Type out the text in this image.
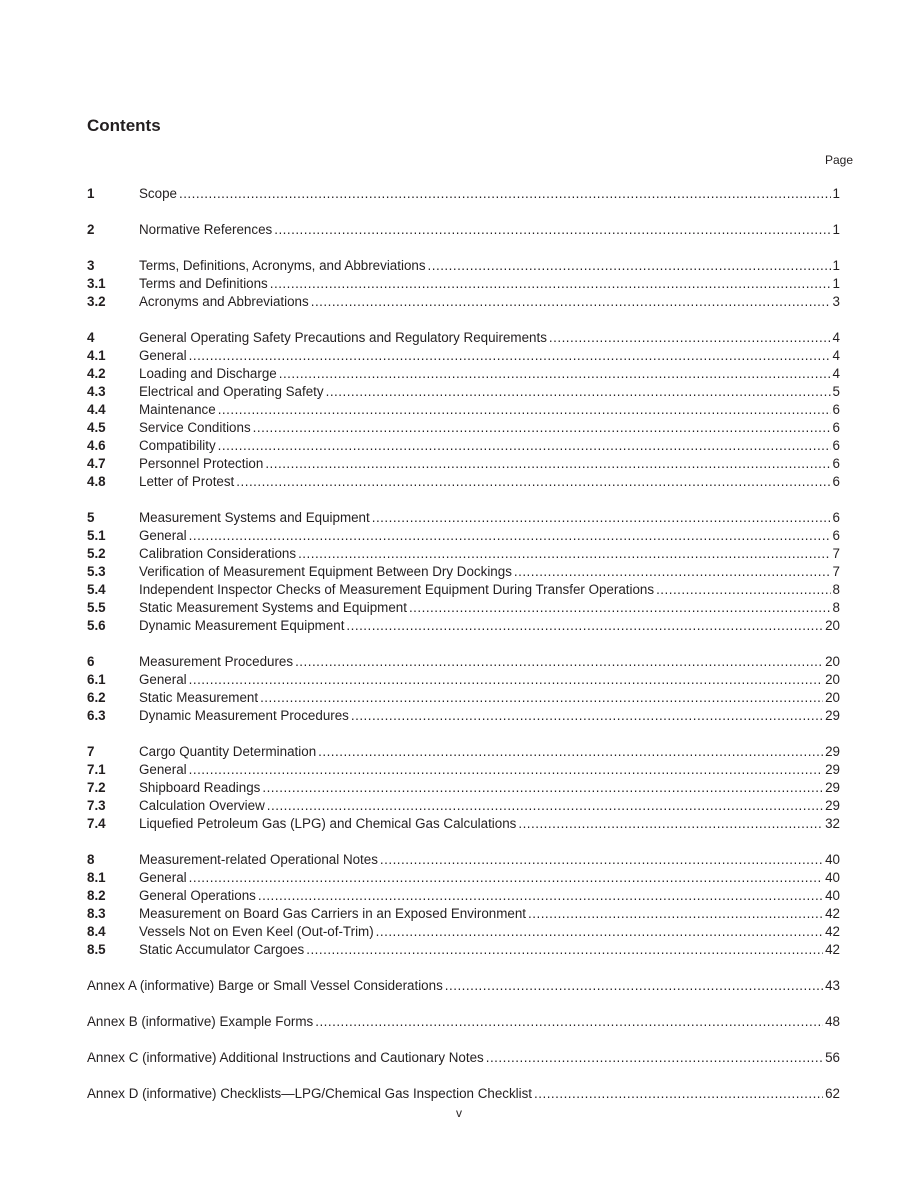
Contents
Page
1	Scope .....	1
2	Normative References .....	1
3	Terms, Definitions, Acronyms, and Abbreviations .....	1
3.1	Terms and Definitions .....	1
3.2	Acronyms and Abbreviations .....	3
4	General Operating Safety Precautions and Regulatory Requirements .....	4
4.1	General .....	4
4.2	Loading and Discharge .....	4
4.3	Electrical and Operating Safety .....	5
4.4	Maintenance .....	6
4.5	Service Conditions .....	6
4.6	Compatibility .....	6
4.7	Personnel Protection .....	6
4.8	Letter of Protest .....	6
5	Measurement Systems and Equipment .....	6
5.1	General .....	6
5.2	Calibration Considerations .....	7
5.3	Verification of Measurement Equipment Between Dry Dockings .....	7
5.4	Independent Inspector Checks of Measurement Equipment During Transfer Operations .....	8
5.5	Static Measurement Systems and Equipment .....	8
5.6	Dynamic Measurement Equipment .....	20
6	Measurement Procedures .....	20
6.1	General .....	20
6.2	Static Measurement .....	20
6.3	Dynamic Measurement Procedures .....	29
7	Cargo Quantity Determination .....	29
7.1	General .....	29
7.2	Shipboard Readings .....	29
7.3	Calculation Overview .....	29
7.4	Liquefied Petroleum Gas (LPG) and Chemical Gas Calculations .....	32
8	Measurement-related Operational Notes .....	40
8.1	General .....	40
8.2	General Operations .....	40
8.3	Measurement on Board Gas Carriers in an Exposed Environment .....	42
8.4	Vessels Not on Even Keel (Out-of-Trim) .....	42
8.5	Static Accumulator Cargoes .....	42
Annex A (informative) Barge or Small Vessel Considerations .....	43
Annex B (informative) Example Forms .....	48
Annex C (informative) Additional Instructions and Cautionary Notes .....	56
Annex D (informative) Checklists—LPG/Chemical Gas Inspection Checklist .....	62
v
